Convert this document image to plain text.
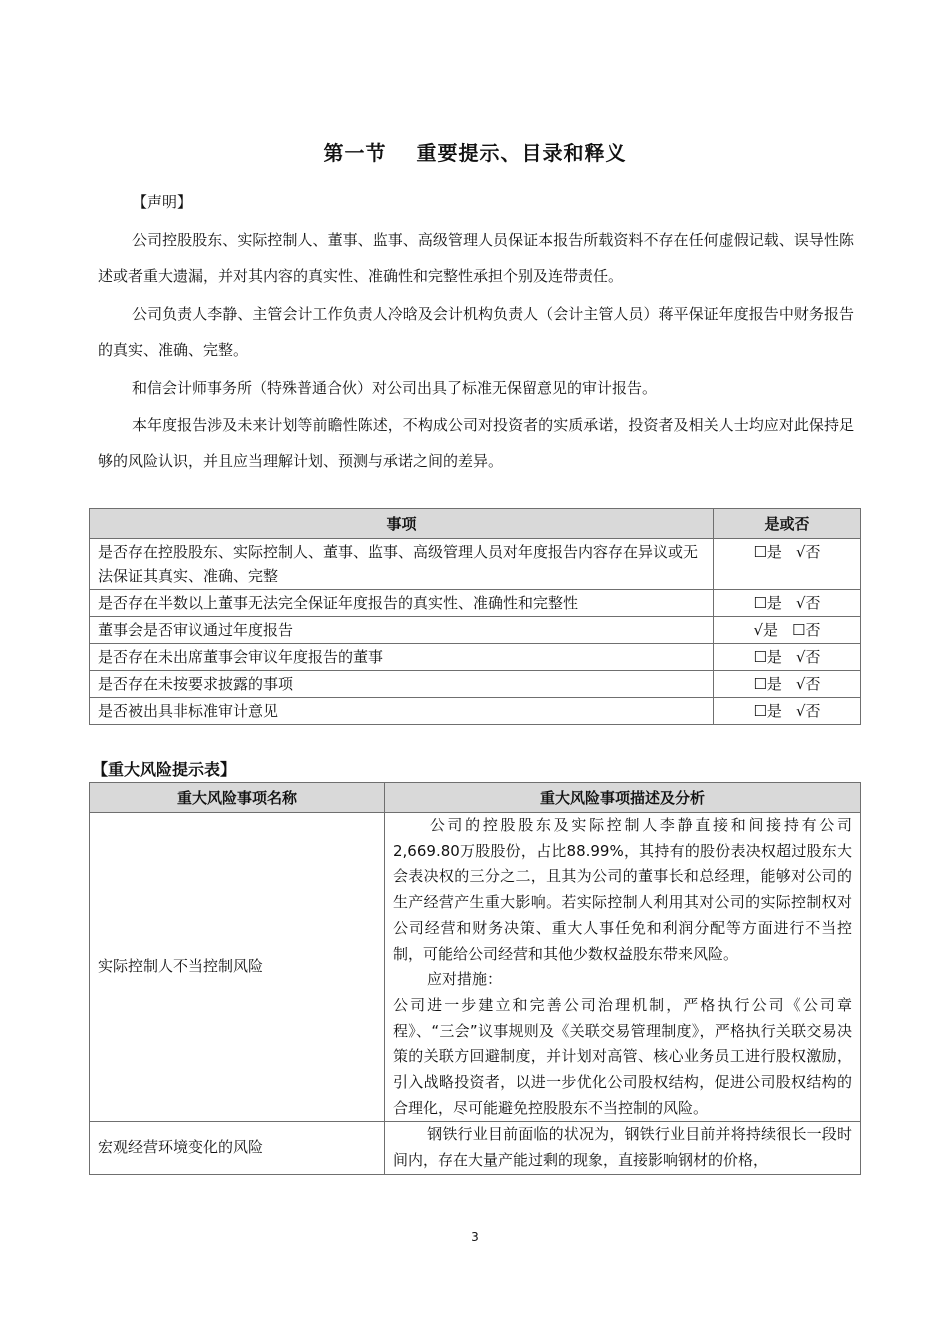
第一节 重要提示、目录和释义
【声明】
公司控股股东、实际控制人、董事、监事、高级管理人员保证本报告所载资料不存在任何虚假记载、误导性陈述或者重大遗漏，并对其内容的真实性、准确性和完整性承担个别及连带责任。
公司负责人李静、主管会计工作负责人冷晗及会计机构负责人（会计主管人员）蒋平保证年度报告中财务报告的真实、准确、完整。
和信会计师事务所（特殊普通合伙）对公司出具了标准无保留意见的审计报告。
本年度报告涉及未来计划等前瞻性陈述，不构成公司对投资者的实质承诺，投资者及相关人士均应对此保持足够的风险认识，并且应当理解计划、预测与承诺之间的差异。
事项	是或否
是否存在控股股东、实际控制人、董事、监事、高级管理人员对年度报告内容存在异议或无法保证其真实、准确、完整	☐是 √否
是否存在半数以上董事无法完全保证年度报告的真实性、准确性和完整性	☐是 √否
董事会是否审议通过年度报告	√是 ☐否
是否存在未出席董事会审议年度报告的董事	☐是 √否
是否存在未按要求披露的事项	☐是 √否
是否被出具非标准审计意见	☐是 √否
【重大风险提示表】
重大风险事项名称	重大风险事项描述及分析
实际控制人不当控制风险	公司的控股股东及实际控制人李静直接和间接持有公司2,669.80万股股份，占比88.99%，其持有的股份表决权超过股东大会表决权的三分之二，且其为公司的董事长和总经理，能够对公司的生产经营产生重大影响。若实际控制人利用其对公司的实际控制权对公司经营和财务决策、重大人事任免和利润分配等方面进行不当控制，可能给公司经营和其他少数权益股东带来风险。
应对措施：
公司进一步建立和完善公司治理机制，严格执行公司《公司章程》、“三会”议事规则及《关联交易管理制度》，严格执行关联交易决策的关联方回避制度，并计划对高管、核心业务员工进行股权激励，引入战略投资者，以进一步优化公司股权结构，促进公司股权结构的合理化，尽可能避免控股股东不当控制的风险。

宏观经营环境变化的风险	钢铁行业目前面临的状况为，钢铁行业目前并将持续很长一段时间内，存在大量产能过剩的现象，直接影响钢材的价格，
3
